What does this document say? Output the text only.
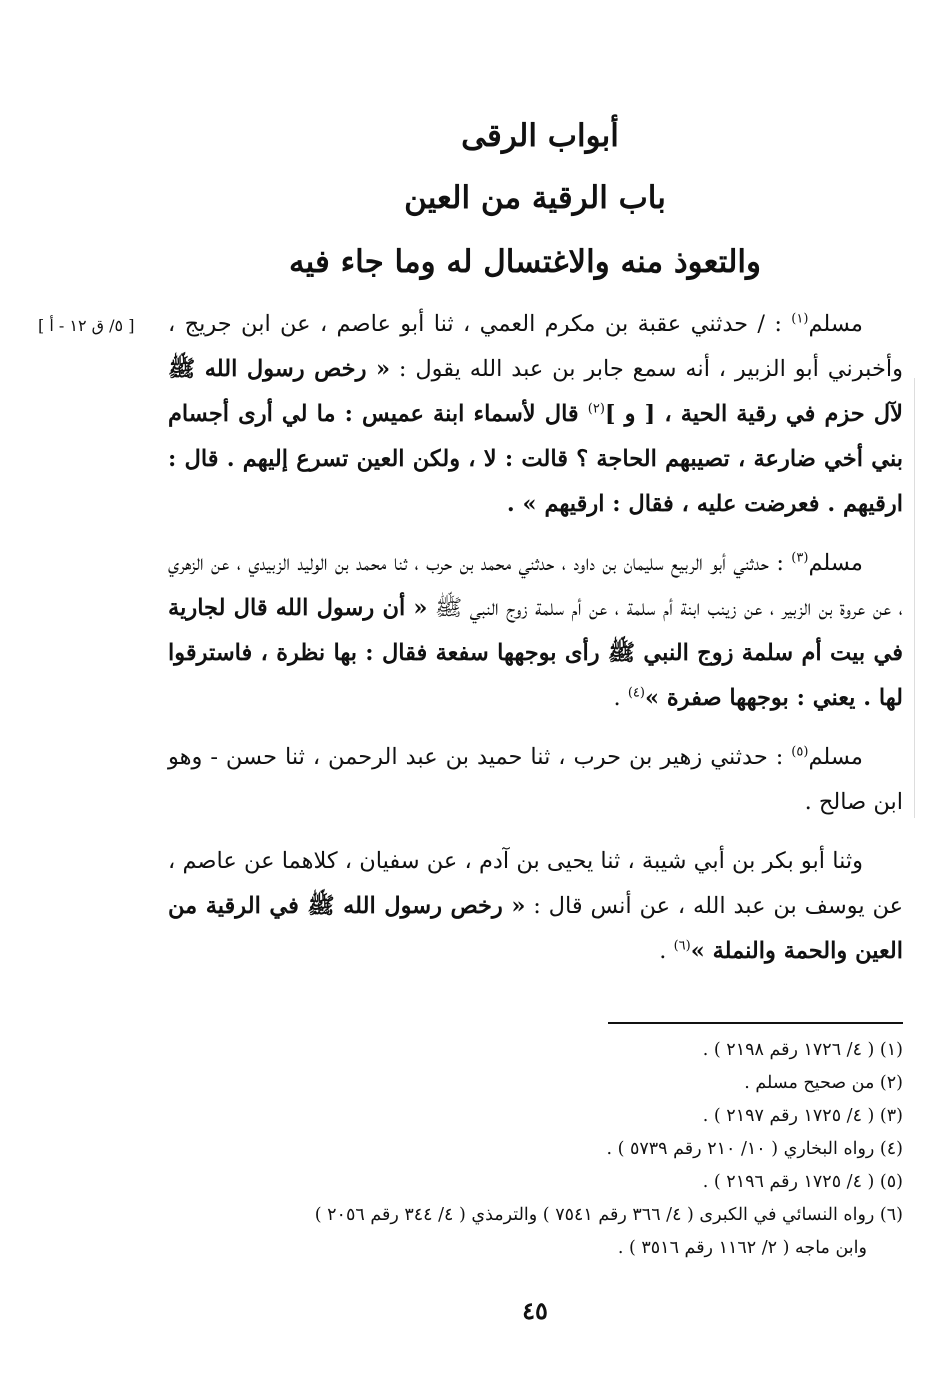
أبواب الرقى
باب الرقية من العين
والتعوذ منه والاغتسال له وما جاء فيه
[ ٥/ ق ١٢ - أ ]	مسلم$^{(١)}$ : / حدثني عقبة بن مكرم العمي ، ثنا أبو عاصم ، عن ابن جريج ، وأخبرني أبو الزبير ، أنه سمع جابر بن عبد الله يقول : « رخص رسول الله ﷺ لآل حزم في رقية الحية ، [ و ]$^{(٢)}$ قال لأسماء ابنة عميس : ما لي أرى أجسام بني أخي ضارعة ، تصيبهم الحاجة ؟ قالت : لا ، ولكن العين تسرع إليهم . قال : ارقيهم . فعرضت عليه ، فقال : ارقيهم » .

مسلم$^{(٣)}$ : حدثني أبو الربيع سليمان بن داود ، حدثني محمد بن حرب ، ثنا محمد بن الوليد الزبيدي ، عن الزهري ، عن عروة بن الزبير ، عن زينب ابنة أم سلمة ، عن أم سلمة زوج النبي ﷺ « أن رسول الله قال لجارية في بيت أم سلمة زوج النبي ﷺ رأى بوجهها سفعة فقال : بها نظرة ، فاسترقوا لها . يعني : بوجهها صفرة »$^{(٤)}$ .

مسلم$^{(٥)}$ : حدثني زهير بن حرب ، ثنا حميد بن عبد الرحمن ، ثنا حسن - وهو ابن صالح .

وثنا أبو بكر بن أبي شيبة ، ثنا يحيى بن آدم ، عن سفيان ، كلاهما عن عاصم ، عن يوسف بن عبد الله ، عن أنس قال : « رخص رسول الله ﷺ في الرقية من العين والحمة والنملة »$^{(٦)}$ .

(١) ( ٤/ ١٧٢٦ رقم ٢١٩٨ ) .

(٢) من صحيح مسلم .

(٣) ( ٤/ ١٧٢٥ رقم ٢١٩٧ ) .

(٤) رواه البخاري ( ١٠/ ٢١٠ رقم ٥٧٣٩ ) .

(٥) ( ٤/ ١٧٢٥ رقم ٢١٩٦ ) .

(٦) رواه النسائي في الكبرى ( ٤/ ٣٦٦ رقم ٧٥٤١ ) والترمذي ( ٤/ ٣٤٤ رقم ٢٠٥٦ )

وابن ماجه ( ٢/ ١١٦٢ رقم ٣٥١٦ ) .

٤٥
